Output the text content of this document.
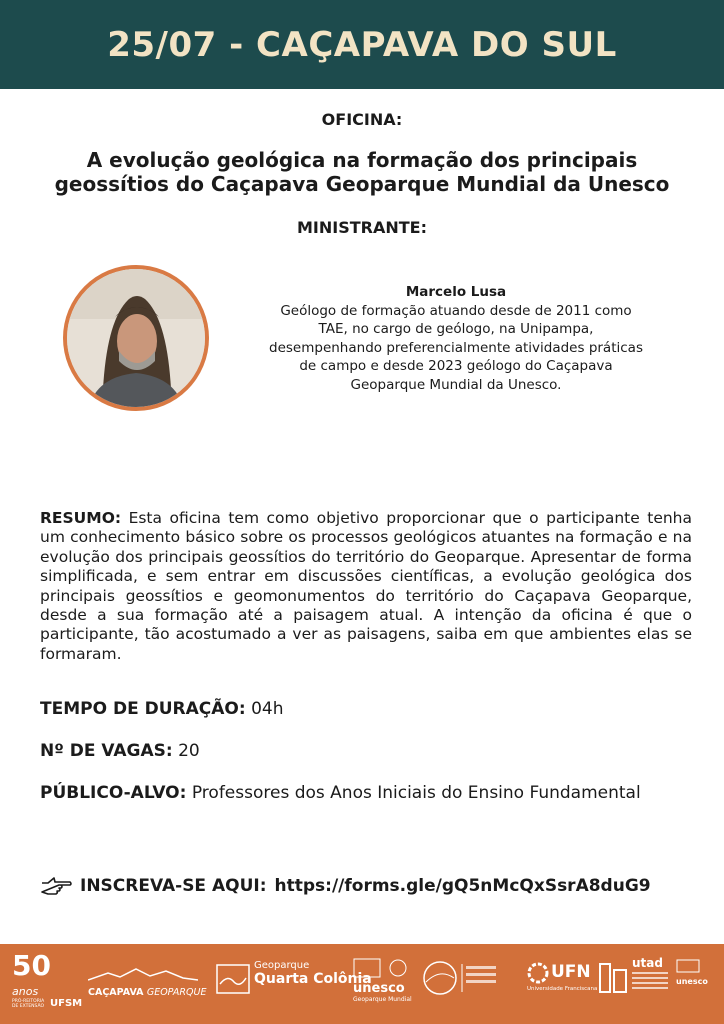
25/07 - CAÇAPAVA DO SUL
OFICINA:
A evolução geológica na formação dos principais
geossítios do Caçapava Geoparque Mundial da Unesco
MINISTRANTE:
Marcelo Lusa
Geólogo de formação atuando desde de 2011 como
TAE, no cargo de geólogo, na Unipampa,
desempenhando preferencialmente atividades práticas
de campo e desde 2023 geólogo do Caçapava
Geoparque Mundial da Unesco.
RESUMO: Esta oficina tem como objetivo proporcionar que o participante tenha um conhecimento básico sobre os processos geológicos atuantes na formação e na evolução dos principais geossítios do território do Geoparque. Apresentar de forma simplificada, e sem entrar em discussões científicas, a evolução geológica dos principais geossítios e geomonumentos do território do Caçapava Geoparque, desde a sua formação até a paisagem atual. A intenção da oficina é que o participante, tão acostumado a ver as paisagens, saiba em que ambientes elas se formaram.
TEMPO DE DURAÇÃO: 04h
Nº DE VAGAS: 20
PÚBLICO-ALVO: Professores dos Anos Iniciais do Ensino Fundamental
INSCREVA-SE AQUI: https://forms.gle/gQ5nMcQxSsrA8duG9
50 anos
PRÓ-REITORIA DE EXTENSÃO UFSM
CAÇAPAVA GEOPARQUE
Geoparque
Quarta Colônia
unesco
Geoparque Mundial
UFN
Universidade Franciscana
utad
unesco
